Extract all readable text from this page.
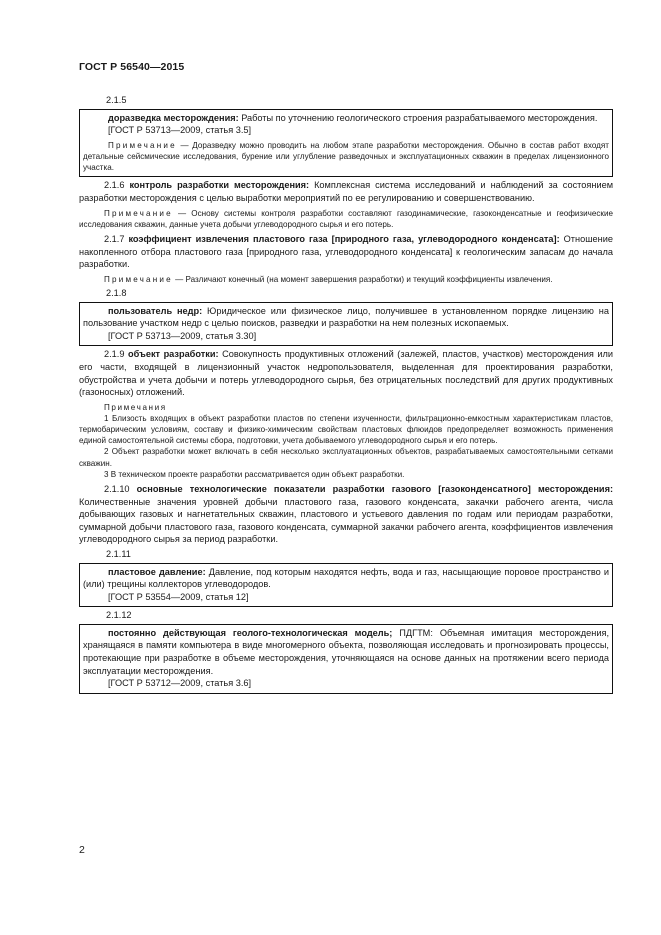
ГОСТ Р 56540—2015
2.1.5

доразведка месторождения: Работы по уточнению геологического строения разрабатываемого месторождения.

[ГОСТ Р 53713—2009, статья 3.5]

Примечание — Доразведку можно проводить на любом этапе разработки месторождения. Обычно в состав работ входят детальные сейсмические исследования, бурение или углубление разведочных и эксплуатационных скважин в пределах лицензионного участка.

2.1.6 контроль разработки месторождения: Комплексная система исследований и наблюдений за состоянием разработки месторождения с целью выработки мероприятий по ее регулированию и совершенствованию.

Примечание — Основу системы контроля разработки составляют газодинамические, газоконденсатные и геофизические исследования скважин, данные учета добычи углеводородного сырья и его потерь.

2.1.7 коэффициент извлечения пластового газа [природного газа, углеводородного конденсата]: Отношение накопленного отбора пластового газа [природного газа, углеводородного конденсата] к геологическим запасам до начала разработки.

Примечание — Различают конечный (на момент завершения разработки) и текущий коэффициенты извлечения.

2.1.8

пользователь недр: Юридическое или физическое лицо, получившее в установленном порядке лицензию на пользование участком недр с целью поисков, разведки и разработки на нем полезных ископаемых.

[ГОСТ Р 53713—2009, статья 3.30]

2.1.9 объект разработки: Совокупность продуктивных отложений (залежей, пластов, участков) месторождения или его части, входящей в лицензионный участок недропользователя, выделенная для проектирования разработки, обустройства и учета добычи и потерь углеводородного сырья, без отрицательных последствий для других продуктивных (газоносных) отложений.

Примечания

1 Близость входящих в объект разработки пластов по степени изученности, фильтрационно-емкостным характеристикам пластов, термобарическим условиям, составу и физико-химическим свойствам пластовых флюидов предопределяет возможность применения единой самостоятельной системы сбора, подготовки, учета добываемого углеводородного сырья и его потерь.

2 Объект разработки может включать в себя несколько эксплуатационных объектов, разрабатываемых самостоятельными сетками скважин.

3 В техническом проекте разработки рассматривается один объект разработки.

2.1.10 основные технологические показатели разработки газового [газоконденсатного] месторождения: Количественные значения уровней добычи пластового газа, газового конденсата, закачки рабочего агента, числа добывающих газовых и нагнетательных скважин, пластового и устьевого давления по годам или периодам разработки, суммарной добычи пластового газа, газового конденсата, суммарной закачки рабочего агента, коэффициентов извлечения углеводородного сырья за период разработки.

2.1.11

пластовое давление: Давление, под которым находятся нефть, вода и газ, насыщающие поровое пространство и (или) трещины коллекторов углеводородов.

[ГОСТ Р 53554—2009, статья 12]
2.1.12

постоянно действующая геолого-технологическая модель; ПДГТМ: Объемная имитация месторождения, хранящаяся в памяти компьютера в виде многомерного объекта, позволяющая исследовать и прогнозировать процессы, протекающие при разработке в объеме месторождения, уточняющаяся на основе данных на протяжении всего периода эксплуатации месторождения.

[ГОСТ Р 53712—2009, статья 3.6]
2
